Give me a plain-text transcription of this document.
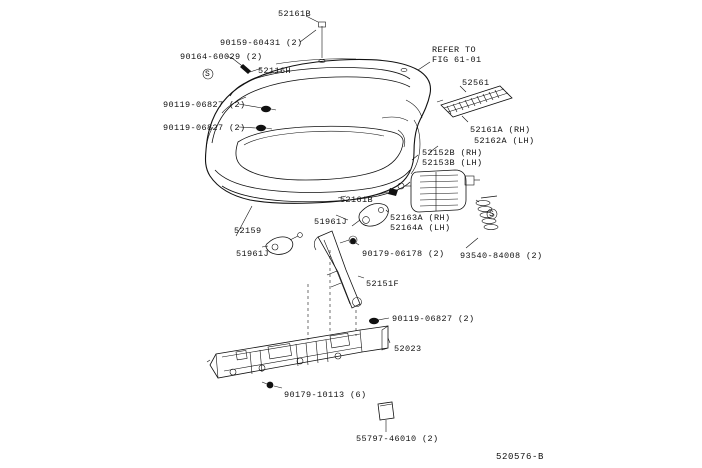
52161B
90159-60431 (2)
90164-60029 (2)
52116H
REFER TO
FIG 61-01
52561
90119-06827 (2)
90119-06827 (2)	52161A (RH)
52162A (LH)
52152B (RH)
52153B (LH)
52161B
52159
51961J	52163A (RH)
52164A (LH)
90179-06178 (2) 93540-84008 (2)
51961J
52151F
90119-06827 (2)
52023
90179-10113 (6)
55797-46010 (2)
S
S
520576-B
